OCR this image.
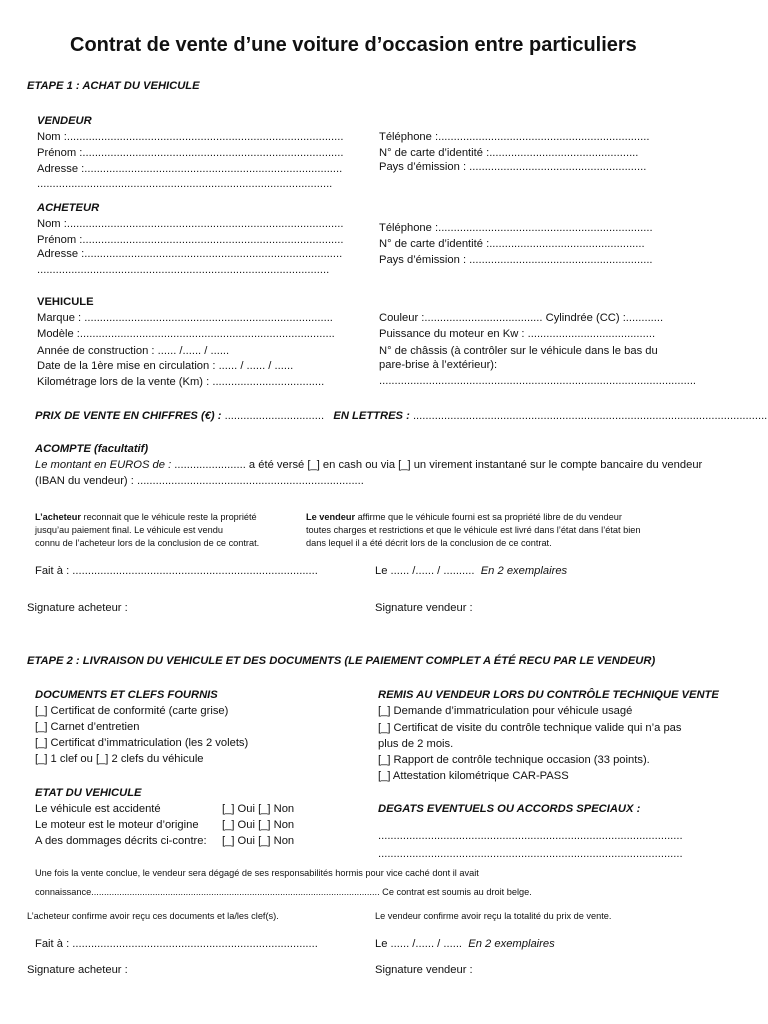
Contrat de vente d’une voiture d’occasion entre particuliers
ETAPE 1 : ACHAT DU VEHICULE
VENDEUR
Nom :.........................................................................................
Prénom :....................................................................................
Adresse :...................................................................................
...............................................................................................
Téléphone :....................................................................
N° de carte d’identité :................................................
Pays d’émission : .........................................................
ACHETEUR
Nom :.........................................................................................
Prénom :....................................................................................
Adresse :...................................................................................
..............................................................................................
Téléphone :.....................................................................
N° de carte d’identité :..................................................
Pays d’émission : ...........................................................
VEHICULE
Marque : ................................................................................
Modèle :..................................................................................
Année de construction : ...... /...... / ......
Date de la 1ère mise en circulation : ...... / ...... / ......
Kilométrage lors de la vente (Km) : ....................................
Couleur :...................................... Cylindrée (CC) :............
Puissance du moteur en Kw : .........................................
N° de châssis (à contrôler sur le véhicule dans le bas du
pare-brise à l’extérieur):
......................................................................................................
PRIX DE VENTE EN CHIFFRES (€) : ................................ EN LETTRES : ..................................................................................................................
ACOMPTE (facultatif)
Le montant en EUROS de : ....................... a été versé [_] en cash ou via [_] un virement instantané sur le compte bancaire du vendeur
(IBAN du vendeur) : .........................................................................
L’acheteur reconnait que le véhicule reste la propriété
jusqu’au paiement final. Le véhicule est vendu
connu de l’acheteur lors de la conclusion de ce contrat.
Le vendeur affirme que le véhicule fourni est sa propriété libre de du vendeur
toutes charges et restrictions et que le véhicule est livré dans l’état dans l’état bien
dans lequel il a été décrit lors de la conclusion de ce contrat.
Fait à : ...............................................................................	Le ...... /...... / .......... En 2 exemplaires
Signature acheteur :	Signature vendeur :
ETAPE 2 : LIVRAISON DU VEHICULE ET DES DOCUMENTS (LE PAIEMENT COMPLET A ÉTÉ RECU PAR LE VENDEUR)
DOCUMENTS ET CLEFS FOURNIS
[_] Certificat de conformité (carte grise)
[_] Carnet d’entretien
[_] Certificat d’immatriculation (les 2 volets)
[_] 1 clef ou [_] 2 clefs du véhicule
REMIS AU VENDEUR LORS DU CONTRÔLE TECHNIQUE VENTE
[_] Demande d’immatriculation pour véhicule usagé
[_] Certificat de visite du contrôle technique valide qui n’a pas
plus de 2 mois.
[_] Rapport de contrôle technique occasion (33 points).
[_] Attestation kilométrique CAR-PASS
ETAT DU VEHICULE
Le véhicule est accidenté	[_] Oui [_] Non
Le moteur est le moteur d’origine [_] Oui [_] Non
A des dommages décrits ci-contre: [_] Oui [_] Non
DEGATS EVENTUELS OU ACCORDS SPECIAUX :
..................................................................................................
..................................................................................................
Une fois la vente conclue, le vendeur sera dégagé de ses responsabilités hormis pour vice caché dont il avait
connaissance................................................................................................................. Ce contrat est soumis au droit belge.
L’acheteur confirme avoir reçu ces documents et la/les clef(s).	Le vendeur confirme avoir reçu la totalité du prix de vente.
Fait à : ...............................................................................	Le ...... /...... / ...... En 2 exemplaires
Signature acheteur :	Signature vendeur :
